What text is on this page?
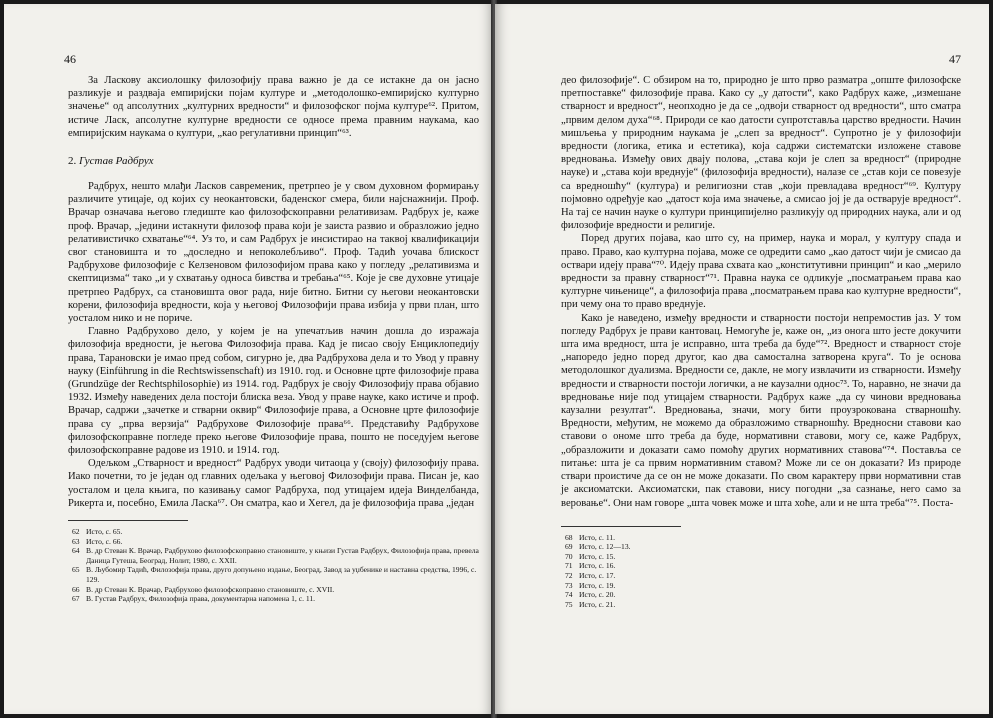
46

За Ласкову аксиолошку филозофију права важно је да се истакне да он јасно разликује и раздваја емпиријски појам културе и „методолошко-емпиријско културно значење“ од апсолутних „културних вредности“ и филозофског појма културе⁶². Притом, истиче Ласк, апсолутне културне вредности се односе према правним наукама, као емпиријским наукама о култури, „као регулативни принцип“⁶³.

2. Густав Радбрух

Радбрух, нешто млађи Ласков савременик, претрпео је у свом духовном формирању различите утицаје, од којих су неокантовски, баденског смера, били најснажнији. Проф. Врачар означава његово гледиште као филозофскоправни релативизам. Радбрух је, каже проф. Врачар, „једини истакнути филозоф права који је заиста развио и образложио једно релативистичко схватање“⁶⁴. Уз то, и сам Радбрух је инсистирао на таквој квалификацији свог становишта и то „доследно и непоколебљиво“. Проф. Тадић уочава блискост Радбрухове филозофије с Келзеновом филозофијом права како у погледу „релативизма и скептицизма“ тако „и у схватању односа бивства и требања“⁶⁵. Које је све духовне утицаје претрпео Радбрух, са становишта овог рада, није битно. Битни су његови неокантовски корени, филозофија вредности, која у његовој Филозофији права избија у први план, што уосталом нико и не пориче.

Главно Радбрухово дело, у којем је на упечатљив начин дошла до изражаја филозофија вредности, је његова Филозофија права. Кад је писао своју Енциклопедију права, Тарановски је имао пред собом, сигурно је, два Радбрухова дела и то Увод у правну науку (Einführung in die Rechtswissenschaft) из 1910. год. и Основне црте филозофије права (Grundzüge der Rechtsphilosophie) из 1914. год. Радбрух је своју Филозофију права објавио 1932. Између наведених дела постоји блиска веза. Увод у праве науке, како истиче и проф. Врачар, садржи „зачетке и стварни оквир“ Филозофије права, а Основне црте филозофије права су „прва верзија“ Радбрухове Филозофије права⁶⁶. Представићу Радбрухове филозофскоправне погледе преко његове Филозофије права, пошто не поседујем његове филозофскоправне радове из 1910. и 1914. год.

Одељком „Стварност и вредност“ Радбрух уводи читаоца у (своју) филозофију права. Иако почетни, то је један од главних одељака у његовој Филозофији права. Писан је, као уосталом и цела књига, по казивању самог Радбруха, под утицајем идеја Винделбанда, Рикерта и, посебно, Емила Ласка⁶⁷. Он сматра, као и Хегел, да је филозофија права „један

62 Исто, с. 65.
63 Исто, с. 66.
64 В. др Стеван К. Врачар, Радбрухово филозофскоправно становиште, у књизи Густав Радбрух, Филозофија права, превела Даница Гутеша, Београд, Нолит, 1980, с. XXII.
65 В. Љубомир Тадић, Филозофија права, друго допуњено издање, Београд, Завод за уџбенике и наставна средства, 1996, с. 129.
66 В. др Стеван К. Врачар, Радбрухово филозофскоправно становиште, с. XVII.
67 В. Густав Радбрух, Филозофија права, документарна напомена 1, с. 11.
47

део филозофије“. С обзиром на то, природно је што прво разматра „опште филозофске претпоставке“ филозофије права. Како су „у датости“, како Радбрух каже, „измешане стварност и вредност“, неопходно је да се „одвоји стварност од вредности“, што сматра „првим делом духа“⁶⁸. Природи се као датости супротставља царство вредности. Начин мишљења у природним наукама је „слеп за вредност“. Супротно је у филозофији вредности (логика, етика и естетика), која садржи систематски изложене ставове вредновања. Између ових двају полова, „става који је слеп за вредност“ (природне науке) и „става који вреднује“ (филозофија вредности), налазе се „став који се повезује са вредношћу“ (култура) и религиозни став „који превладава вредност“⁶⁹. Културу појмовно одређује као „датост која има значење, а смисао јој је да остварује вредност“. На тај се начин науке о култури принципијелно разликују од природних наука, али и од филозофије вредности и религије.

Поред других појава, као што су, на пример, наука и морал, у културу спада и право. Право, као културна појава, може се одредити само „као датост чији је смисао да оствари идеју права“⁷⁰. Идеју права схвата као „конститутивни принцип“ и као „мерило вредности за правну стварност“⁷¹. Правна наука се одликује „посматрањем права као културне чињенице“, а филозофија права „посматрањем права као културне вредности“, при чему она то право вреднује.

Како је наведено, између вредности и стварности постоји непремостив јаз. У том погледу Радбрух је прави кантовац. Немогуће је, каже он, „из онога што јесте докучити шта има вредност, шта је исправно, шта треба да буде“⁷². Вредност и стварност стоје „напоредо једно поред другог, као два самостална затворена круга“. То је основа методолошког дуализма. Вредности се, дакле, не могу извлачити из стварности. Између вредности и стварности постоји логички, а не каузални однос⁷³. То, наравно, не значи да вредновање није под утицајем стварности. Радбрух каже „да су чинови вредновања каузални резултат“. Вредновања, значи, могу бити проузрокована стварношћу. Вредности, међутим, не можемо да образложимо стварношћу. Вредносни ставови као ставови о ономе што треба да буде, нормативни ставови, могу се, каже Радбрух, „образложити и доказати само помоћу других нормативних ставова“⁷⁴. Постављa се питање: шта је са првим нормативним ставом? Може ли се он доказати? Из природе ствари проистиче да се он не може доказати. По свом карактеру први нормативни став је аксиоматски. Аксиоматски, пак ставови, нису погодни „за сазнање, него само за веровање“. Они нам говоре „шта човек може и шта хоће, али и не шта треба“⁷⁵. Поста-

68 Исто, с. 11.
69 Исто, с. 12—13.
70 Исто, с. 15.
71 Исто, с. 16.
72 Исто, с. 17.
73 Исто, с. 19.
74 Исто, с. 20.
75 Исто, с. 21.
